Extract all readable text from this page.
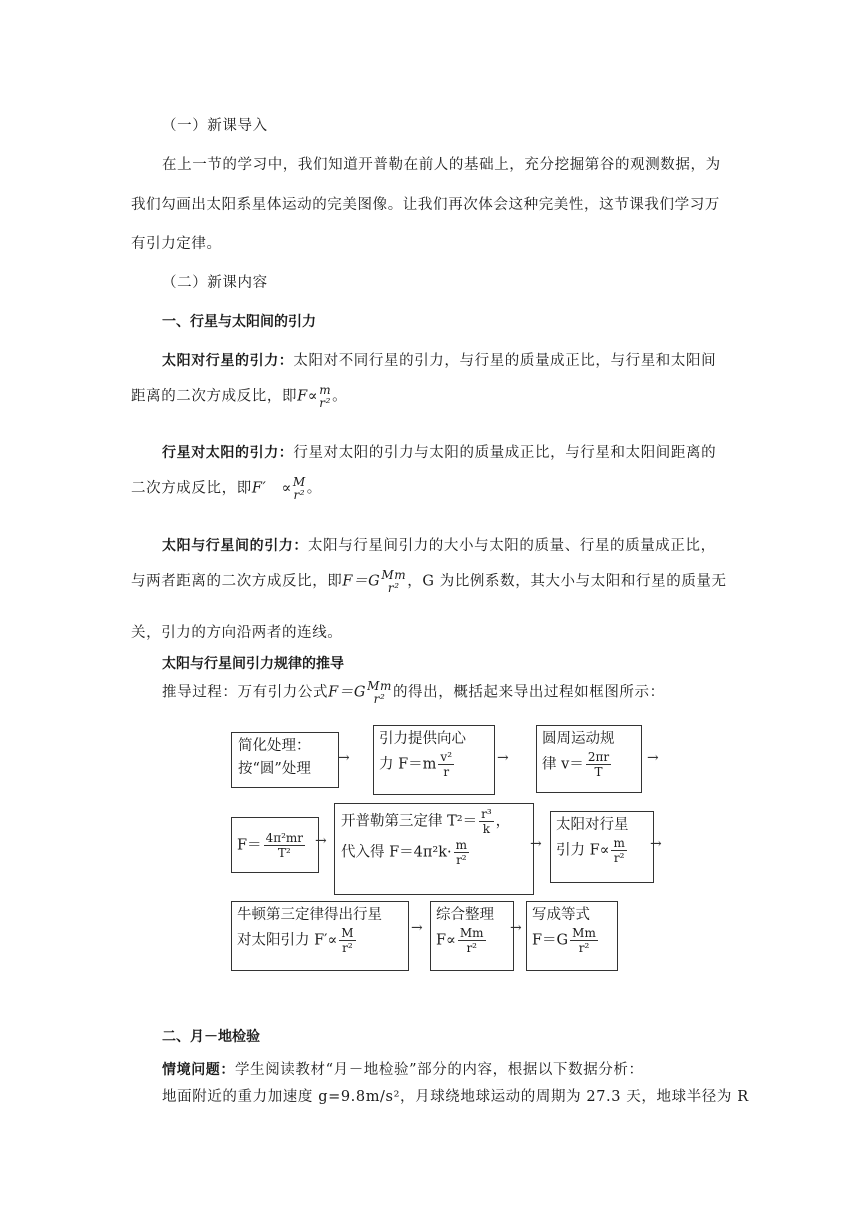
（一）新课导入
在上一节的学习中，我们知道开普勒在前人的基础上，充分挖掘第谷的观测数据，为
我们勾画出太阳系星体运动的完美图像。让我们再次体会这种完美性，这节课我们学习万
有引力定律。
（二）新课内容
一、行星与太阳间的引力
太阳对行星的引力：太阳对不同行星的引力，与行星的质量成正比，与行星和太阳间
距离的二次方成反比，即F∝ m
r² 。
行星对太阳的引力：行星对太阳的引力与太阳的质量成正比，与行星和太阳间距离的
二次方成反比，即F′　∝ M
r² 。
太阳与行星间的引力：太阳与行星间引力的大小与太阳的质量、行星的质量成正比，
与两者距离的二次方成反比，即F＝G Mm
r² ，G 为比例系数，其大小与太阳和行星的质量无
关，引力的方向沿两者的连线。
太阳与行星间引力规律的推导
推导过程：万有引力公式F＝G Mm
r² 的得出，概括起来导出过程如框图所示：
简化处理：
按“圆”处理
→
引力提供向心
力 $F=m \frac{\text{v²}}{r}$	→
圆周运动规
律 $v= \frac{2\pi r}{T}$	→
$F= \frac{\text{4π²mr}}{\text{T²}}$ →
开普勒第三定律 $T^2= \frac{\text{r³}}{k}$ ，
代入得 $F=4\pi^2k\cdot \frac{m}{\text{r²}}$	→
太阳对行星
引力 $F\propto \frac{m}{\text{r²}}$ →
牛顿第三定律得出行星
对太阳引力 $F'\propto \frac{M}{\text{r²}}$	→
综合整理
$F\propto \frac{Mm}{\text{r²}}$ →
写成等式
$F=G \frac{Mm}{\text{r²}}$
二、月－地检验
情境问题：学生阅读教材“月－地检验”部分的内容，根据以下数据分析：
地面附近的重力加速度 g=9.8m/s²，月球绕地球运动的周期为 27.3 天，地球半径为 R
